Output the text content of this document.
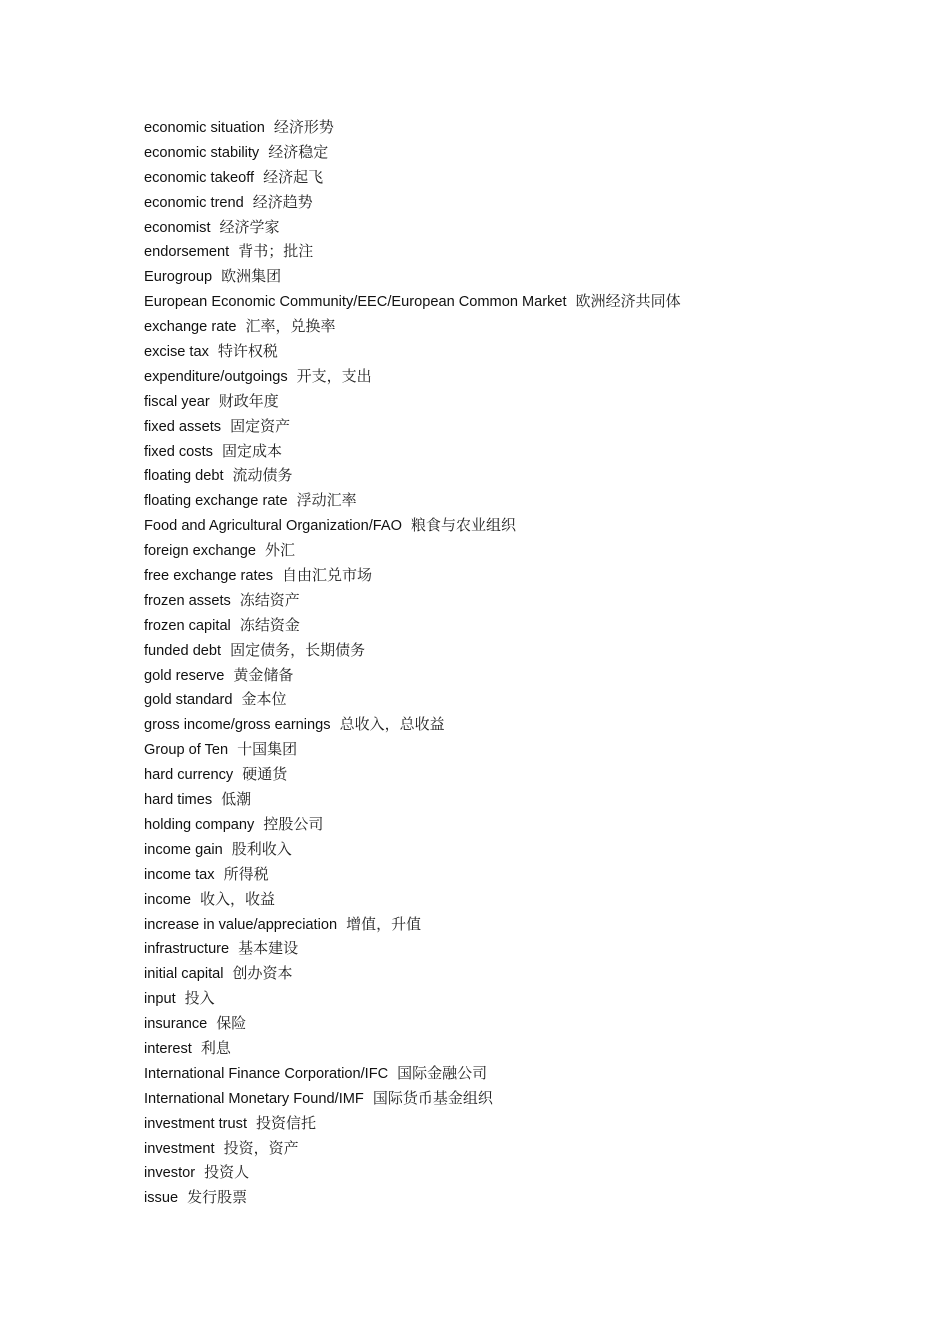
economic situation 经济形势
economic stability 经济稳定
economic takeoff 经济起飞
economic trend 经济趋势
economist 经济学家
endorsement 背书；批注
Eurogroup 欧洲集团
European Economic Community/EEC/European Common Market 欧洲经济共同体
exchange rate 汇率，兑换率
excise tax 特许权税
expenditure/outgoings 开支，支出
fiscal year 财政年度
fixed assets 固定资产
fixed costs 固定成本
floating debt 流动债务
floating exchange rate 浮动汇率
Food and Agricultural Organization/FAO 粮食与农业组织
foreign exchange 外汇
free exchange rates 自由汇兑市场
frozen assets 冻结资产
frozen capital 冻结资金
funded debt 固定债务，长期债务
gold reserve 黄金储备
gold standard 金本位
gross income/gross earnings 总收入，总收益
Group of Ten 十国集团
hard currency 硬通货
hard times 低潮
holding company 控股公司
income gain 股利收入
income tax 所得税
income 收入，收益
increase in value/appreciation 增值，升值
infrastructure 基本建设
initial capital 创办资本
input 投入
insurance 保险
interest 利息
International Finance Corporation/IFC 国际金融公司
International Monetary Found/IMF 国际货币基金组织
investment trust 投资信托
investment 投资，资产
investor 投资人
issue 发行股票
